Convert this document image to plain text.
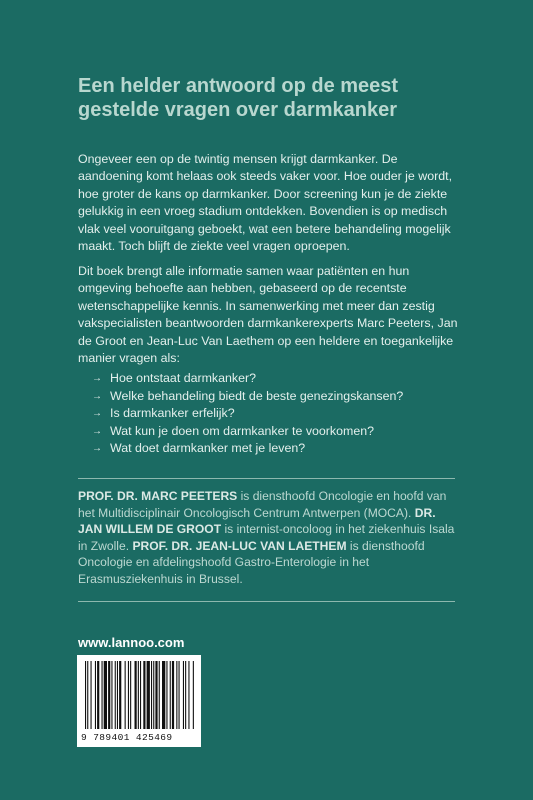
Een helder antwoord op de meest gestelde vragen over darmkanker

Ongeveer een op de twintig mensen krijgt darmkanker. De aandoening komt helaas ook steeds vaker voor. Hoe ouder je wordt, hoe groter de kans op darmkanker. Door screening kun je de ziekte gelukkig in een vroeg stadium ontdekken. Bovendien is op medisch vlak veel vooruitgang geboekt, wat een betere behandeling mogelijk maakt. Toch blijft de ziekte veel vragen oproepen.

Dit boek brengt alle informatie samen waar patiënten en hun omgeving behoefte aan hebben, gebaseerd op de recentste wetenschappelijke kennis. In samenwerking met meer dan zestig vakspecialisten beantwoorden darmkankerexperts Marc Peeters, Jan de Groot en Jean-Luc Van Laethem op een heldere en toegankelijke manier vragen als:

→ Hoe ontstaat darmkanker?
→ Welke behandeling biedt de beste genezingskansen?
→ Is darmkanker erfelijk?
→ Wat kun je doen om darmkanker te voorkomen?
→ Wat doet darmkanker met je leven?

PROF. DR. MARC PEETERS is diensthoofd Oncologie en hoofd van het Multidisciplinair Oncologisch Centrum Antwerpen (MOCA). DR. JAN WILLEM DE GROOT is internist-oncoloog in het ziekenhuis Isala in Zwolle. PROF. DR. JEAN-LUC VAN LAETHEM is diensthoofd Oncologie en afdelingshoofd Gastro-Enterologie in het Erasmusziekenhuis in Brussel.

www.lannoo.com

9 789401 425469
